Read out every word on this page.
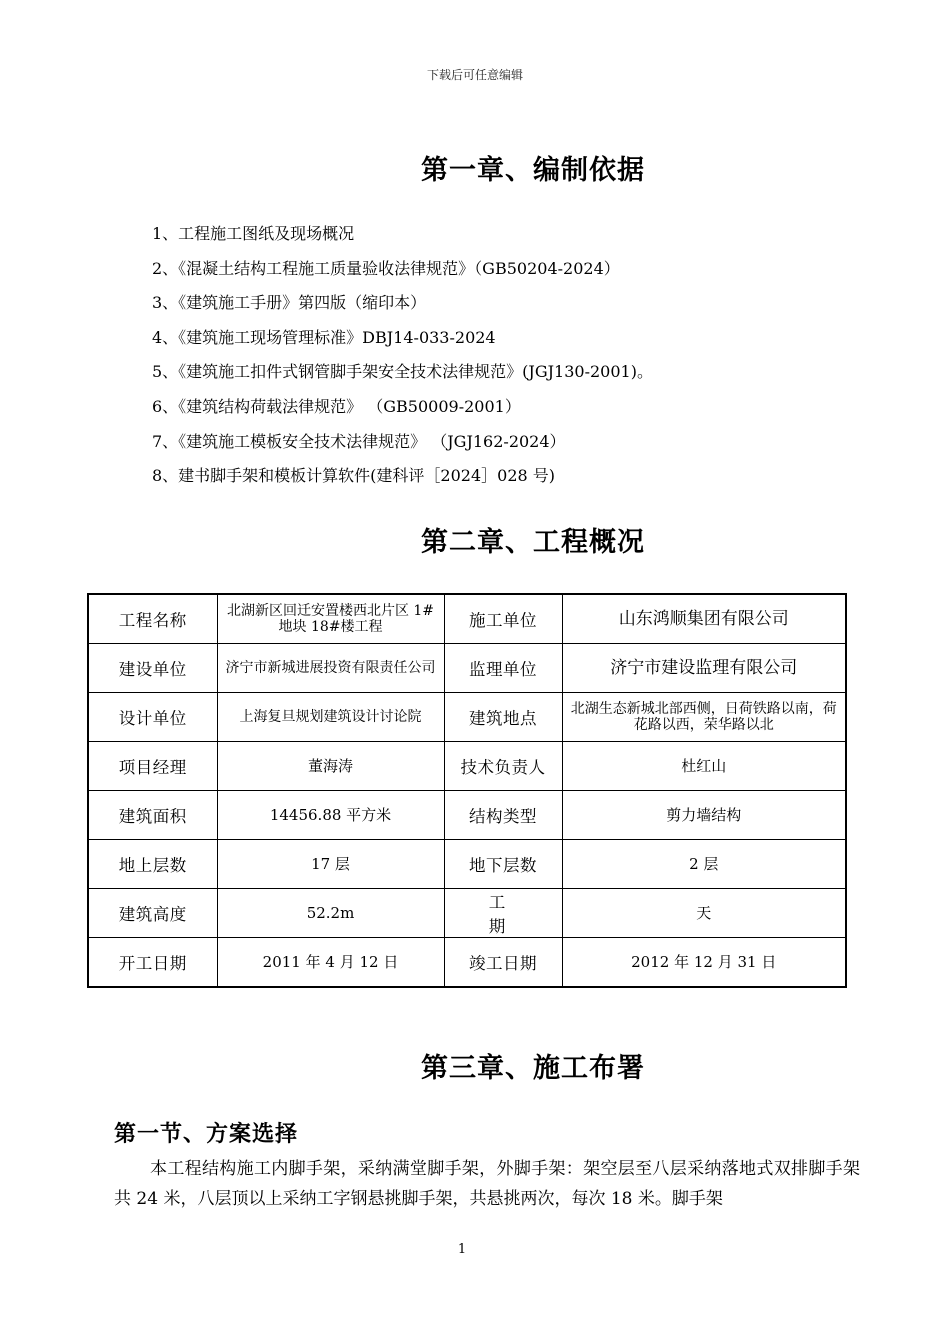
下载后可任意编辑
第一章、编制依据
1、工程施工图纸及现场概况
2、《混凝土结构工程施工质量验收法律规范》（GB50204-2024）
3、《建筑施工手册》第四版（缩印本）
4、《建筑施工现场管理标准》DBJ14-033-2024
5、《建筑施工扣件式钢管脚手架安全技术法律规范》(JGJ130-2001)。
6、《建筑结构荷载法律规范》 （GB50009-2001）
7、《建筑施工模板安全技术法律规范》 （JGJ162-2024）
8、建书脚手架和模板计算软件(建科评［2024］028 号)
第二章、工程概况
工程名称	北湖新区回迁安置楼西北片区 1#地块 18#楼工程	施工单位	山东鸿顺集团有限公司
建设单位	济宁市新城进展投资有限责任公司	监理单位	济宁市建设监理有限公司
设计单位	上海复旦规划建筑设计讨论院	建筑地点	北湖生态新城北部西侧，日荷铁路以南，荷花路以西，荣华路以北
项目经理	董海涛	技术负责人	杜红山
建筑面积	14456.88 平方米	结构类型	剪力墙结构
地上层数	17 层	地下层数	2 层
建筑高度	52.2m	工 期	天
开工日期	2011 年 4 月 12 日	竣工日期	2012 年 12 月 31 日
第三章、施工布署
第一节、方案选择

本工程结构施工内脚手架，采纳满堂脚手架，外脚手架：架空层至八层采纳落地式双排脚手架共 24 米，八层顶以上采纳工字钢悬挑脚手架，共悬挑两次，每次 18 米。脚手架

1
